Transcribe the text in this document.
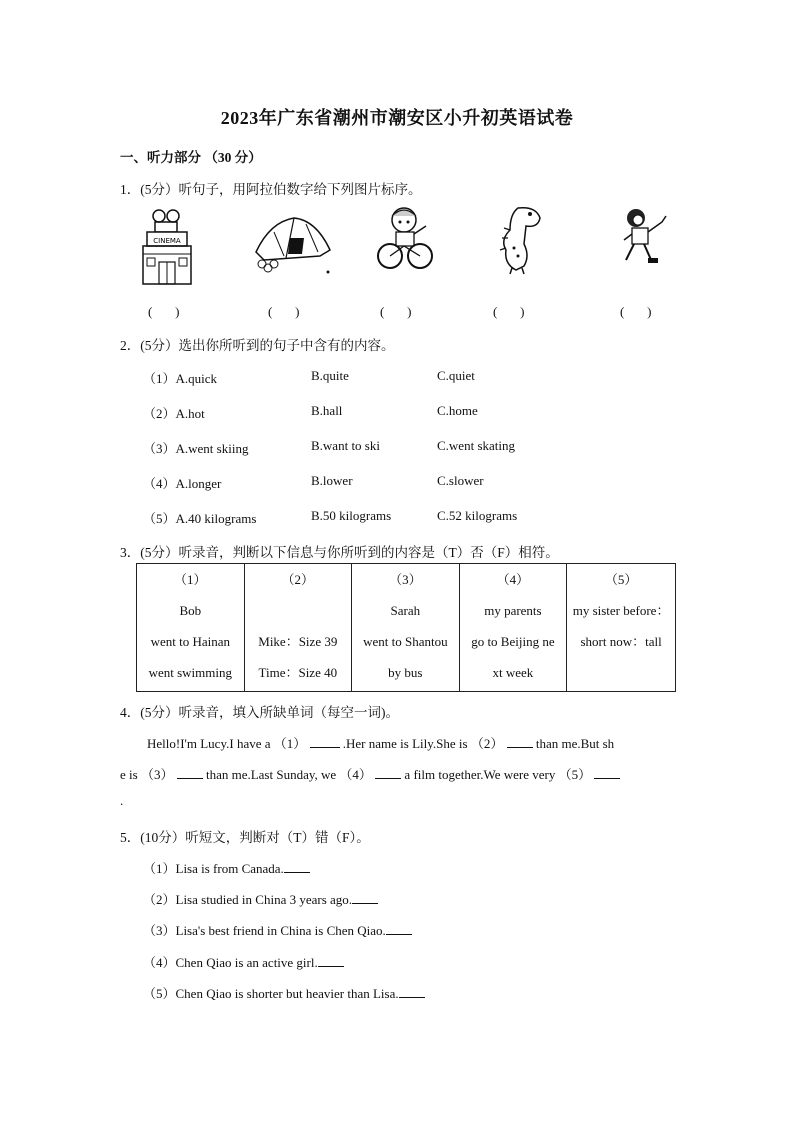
2023年广东省潮州市潮安区小升初英语试卷
一、听力部分 （30 分）
1．(5分）听句子，用阿拉伯数字给下列图片标序。
CINEMA
(       )	(       )	(       )	(       )	(       )
2．(5分）选出你所听到的句子中含有的内容。
（1）A.quick	B.quite	C.quiet
（2）A.hot	B.hall	C.home
（3）A.went skiing	B.want to ski	C.went skating
（4）A.longer	B.lower	C.slower
（5）A.40 kilograms	B.50 kilograms	C.52 kilograms
3．(5分）听录音，判断以下信息与你所听到的内容是（T）否（F）相符。
（1）
Bob
went to Hainan
went swimming

（2）
Mike：Size 39
Time：Size 40

（3）
Sarah
went to Shantou
by bus

（4）
my parents
go to Beijing ne
xt week

（5）
my sister before：
short now：tall
4．(5分）听录音，填入所缺单词（每空一词)。
Hello!I'm Lucy.I have a （1）	.Her name is Lily.She is （2）	than me.But sh
e is （3）	than me.Last Sunday, we （4）	a film together.We were very （5）
.
5．(10分）听短文，判断对（T）错（F）。
（1）Lisa is from Canada.
（2）Lisa studied in China 3 years ago.
（3）Lisa's best friend in China is Chen Qiao.
（4）Chen Qiao is an active girl.
（5）Chen Qiao is shorter but heavier than Lisa.
